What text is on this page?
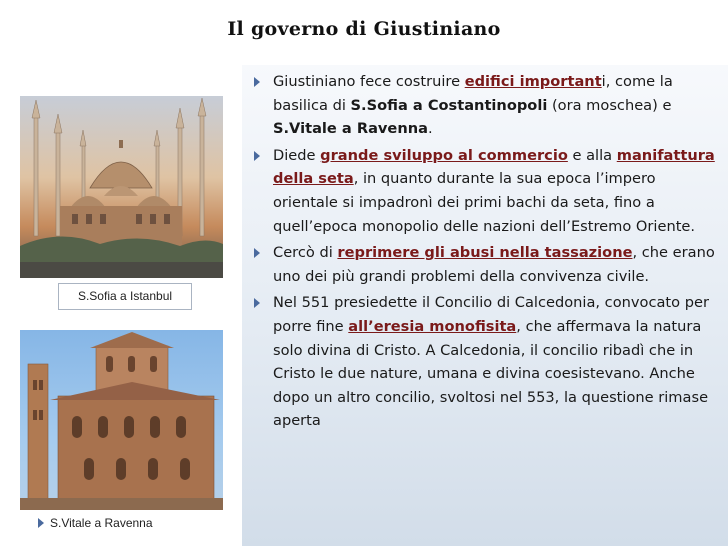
Il governo di Giustiniano
Giustiniano fece costruire edifici importanti, come la basilica di S.Sofia a Costantinopoli (ora moschea) e S.Vitale a Ravenna.
Diede grande sviluppo al commercio e alla manifattura della seta, in quanto durante la sua epoca l’impero orientale si impadronì dei primi bachi da seta, fino a quell’epoca monopolio delle nazioni dell’Estremo Oriente.
Cercò di reprimere gli abusi nella tassazione, che erano uno dei più grandi problemi della convivenza civile.
Nel 551 presiedette il Concilio di Calcedonia, convocato per porre fine all’eresia monofisita, che affermava la natura solo divina di Cristo. A Calcedonia, il concilio ribadì che in Cristo le due nature, umana e divina coesistevano. Anche dopo un altro concilio, svoltosi nel 553, la questione rimase aperta
S.Sofia a Istanbul
S.Vitale a Ravenna
